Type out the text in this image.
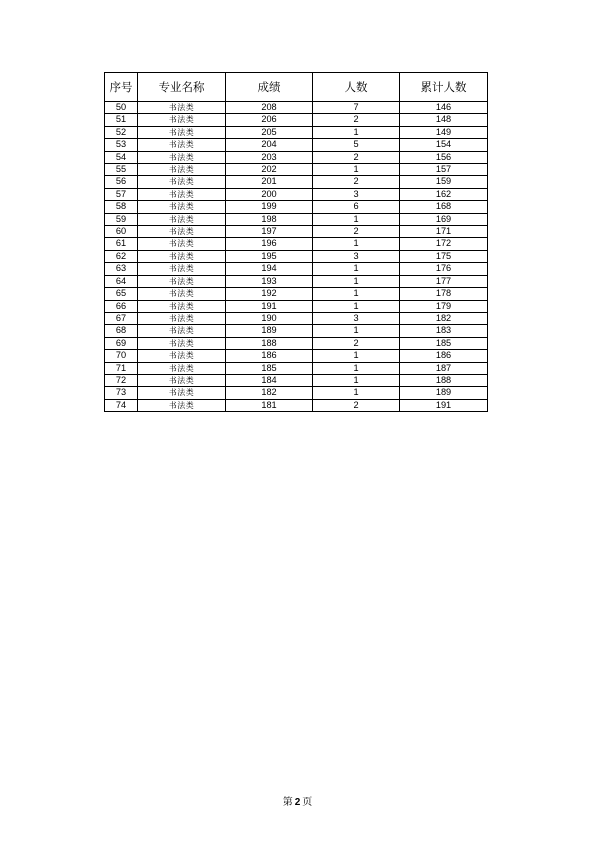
序号	专业名称	成绩	人数	累计人数
50	书法类	208	7	146
51	书法类	206	2	148
52	书法类	205	1	149
53	书法类	204	5	154
54	书法类	203	2	156
55	书法类	202	1	157
56	书法类	201	2	159
57	书法类	200	3	162
58	书法类	199	6	168
59	书法类	198	1	169
60	书法类	197	2	171
61	书法类	196	1	172
62	书法类	195	3	175
63	书法类	194	1	176
64	书法类	193	1	177
65	书法类	192	1	178
66	书法类	191	1	179
67	书法类	190	3	182
68	书法类	189	1	183
69	书法类	188	2	185
70	书法类	186	1	186
71	书法类	185	1	187
72	书法类	184	1	188
73	书法类	182	1	189
74	书法类	181	2	191
第 2 页
